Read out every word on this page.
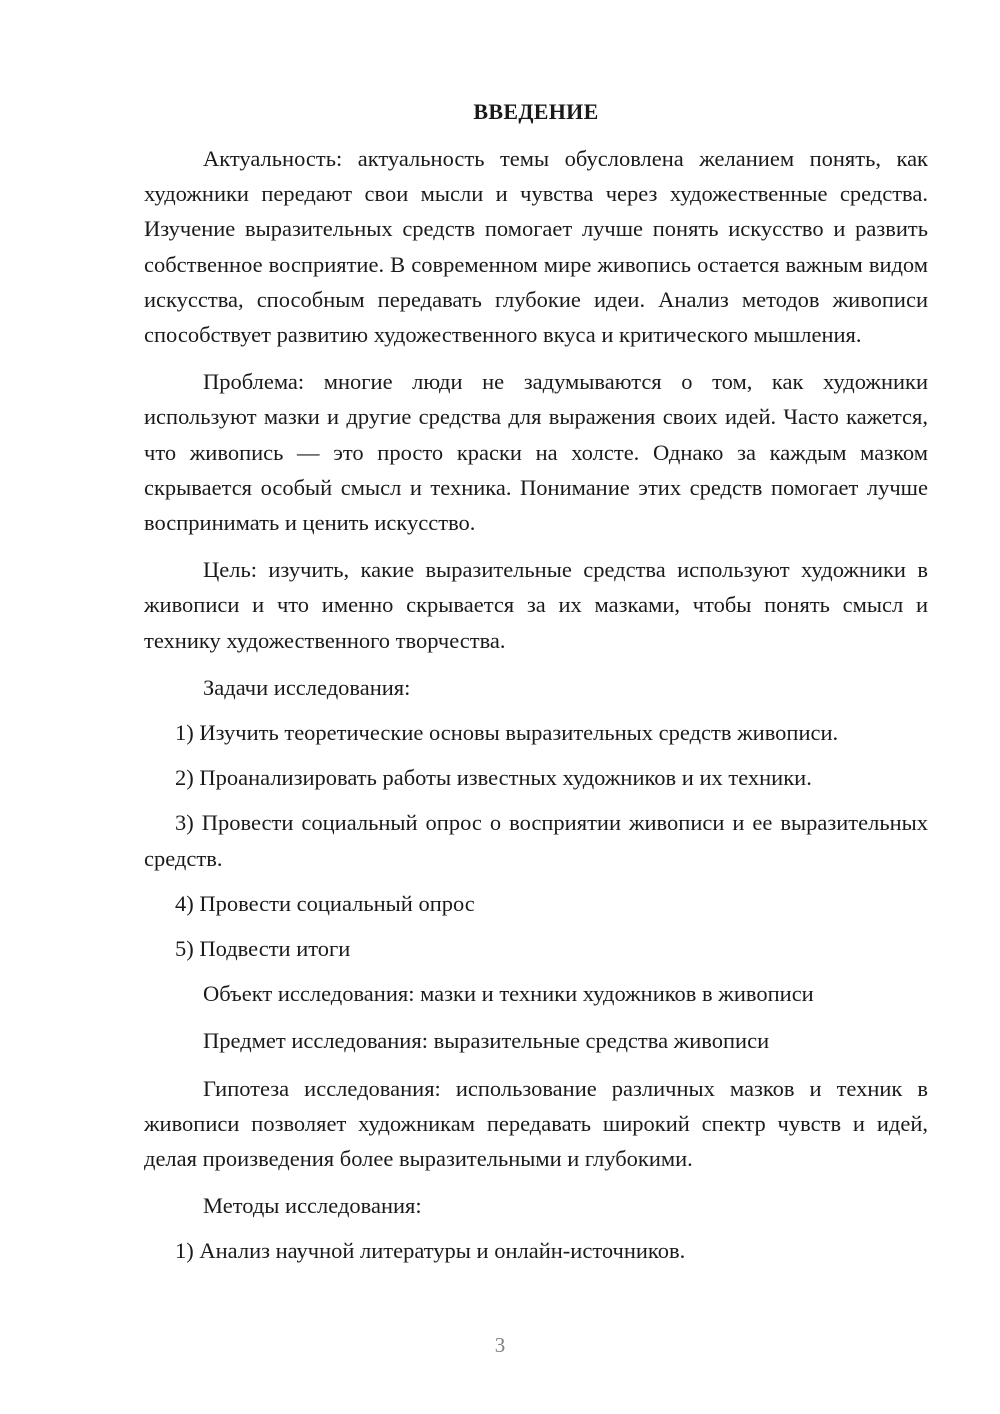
ВВЕДЕНИЕ

Актуальность: актуальность темы обусловлена желанием понять, как художники передают свои мысли и чувства через художественные средства. Изучение выразительных средств помогает лучше понять искусство и развить собственное восприятие. В современном мире живопись остается важным видом искусства, способным передавать глубокие идеи. Анализ методов живописи способствует развитию художественного вкуса и критического мышления.

Проблема: многие люди не задумываются о том, как художники используют мазки и другие средства для выражения своих идей. Часто кажется, что живопись — это просто краски на холсте. Однако за каждым мазком скрывается особый смысл и техника. Понимание этих средств помогает лучше воспринимать и ценить искусство.

Цель: изучить, какие выразительные средства используют художники в живописи и что именно скрывается за их мазками, чтобы понять смысл и технику художественного творчества.

Задачи исследования:

1) Изучить теоретические основы выразительных средств живописи.

2) Проанализировать работы известных художников и их техники.

3) Провести социальный опрос о восприятии живописи и ее выразительных средств.

4) Провести социальный опрос

5) Подвести итоги

Объект исследования: мазки и техники художников в живописи

Предмет исследования: выразительные средства живописи

Гипотеза исследования: использование различных мазков и техник в живописи позволяет художникам передавать широкий спектр чувств и идей, делая произведения более выразительными и глубокими.

Методы исследования:

1) Анализ научной литературы и онлайн-источников.

3
